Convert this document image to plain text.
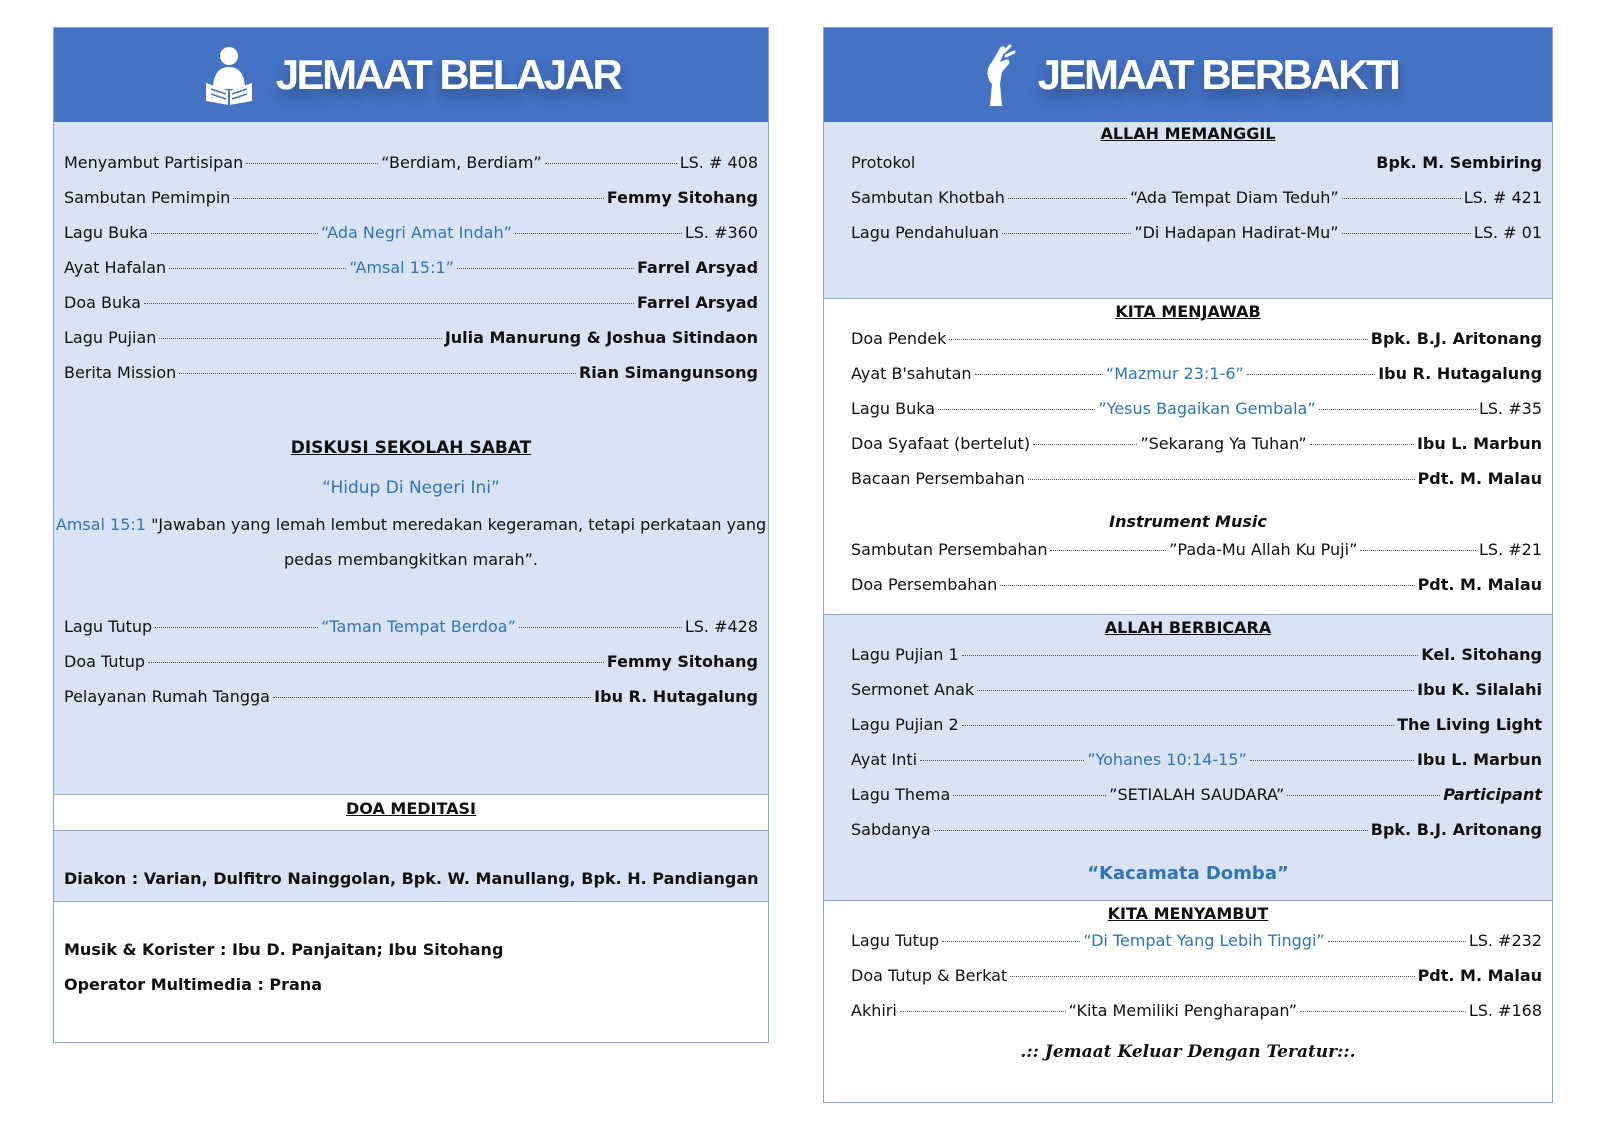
JEMAAT BELAJAR
Menyambut Partisipan	“Berdiam, Berdiam”	LS. # 408
Sambutan Pemimpin	Femmy Sitohang
Lagu Buka	“Ada Negri Amat Indah”	LS. #360
Ayat Hafalan	“Amsal 15:1”	Farrel Arsyad
Doa Buka	Farrel Arsyad
Lagu Pujian	Julia Manurung & Joshua Sitindaon
Berita Mission	Rian Simangunsong
DISKUSI SEKOLAH SABAT
“Hidup Di Negeri Ini”
Amsal 15:1 "Jawaban yang lemah lembut meredakan kegeraman, tetapi perkataan yang
pedas membangkitkan marah”.
Lagu Tutup	“Taman Tempat Berdoa”	LS. #428
Doa Tutup	Femmy Sitohang
Pelayanan Rumah Tangga	Ibu R. Hutagalung
DOA MEDITASI
Diakon : Varian, Dulfitro Nainggolan, Bpk. W. Manullang, Bpk. H. Pandiangan
Musik & Korister : Ibu D. Panjaitan; Ibu Sitohang
Operator Multimedia : Prana
JEMAAT BERBAKTI
ALLAH MEMANGGIL
Protokol	Bpk. M. Sembiring
Sambutan Khotbah	“Ada Tempat Diam Teduh”	LS. # 421
Lagu Pendahuluan	”Di Hadapan Hadirat-Mu”	LS. # 01
KITA MENJAWAB
Doa Pendek	Bpk. B.J. Aritonang
Ayat B'sahutan	“Mazmur 23:1-6”	Ibu R. Hutagalung
Lagu Buka	”Yesus Bagaikan Gembala”	LS. #35
Doa Syafaat (bertelut)	”Sekarang Ya Tuhan”	Ibu L. Marbun
Bacaan Persembahan	Pdt. M. Malau
Instrument Music
Sambutan Persembahan	”Pada-Mu Allah Ku Puji”	LS. #21
Doa Persembahan	Pdt. M. Malau
ALLAH BERBICARA
Lagu Pujian 1	Kel. Sitohang
Sermonet Anak	Ibu K. Silalahi
Lagu Pujian 2	The Living Light
Ayat Inti	”Yohanes 10:14-15”	Ibu L. Marbun
Lagu Thema	”SETIALAH SAUDARA”	Participant
Sabdanya	Bpk. B.J. Aritonang
“Kacamata Domba”
KITA MENYAMBUT
Lagu Tutup	“Di Tempat Yang Lebih Tinggi”	LS. #232
Doa Tutup & Berkat	Pdt. M. Malau
Akhiri	“Kita Memiliki Pengharapan”	LS. #168
.:: Jemaat Keluar Dengan Teratur::.
